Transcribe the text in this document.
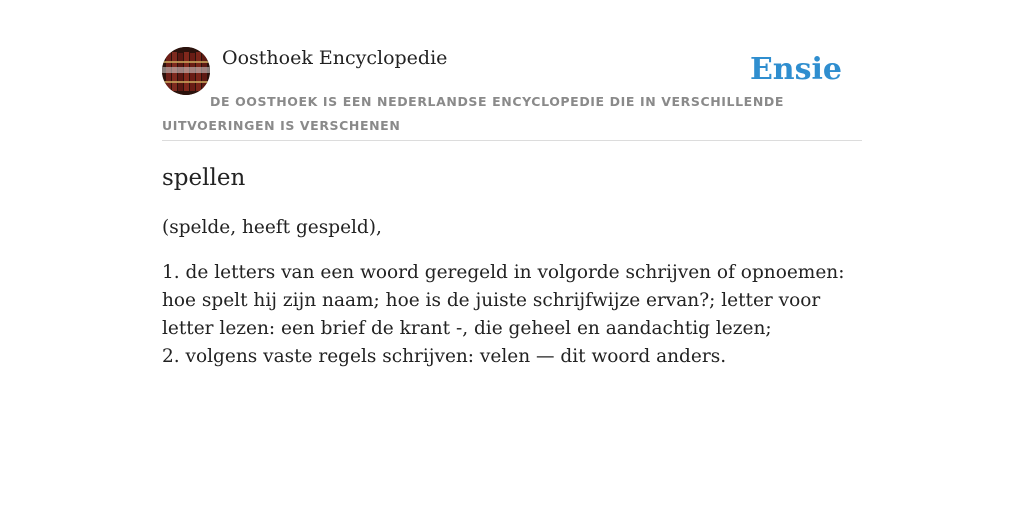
Oosthoek Encyclopedie	Ensie
DE OOSTHOEK IS EEN NEDERLANDSE ENCYCLOPEDIE DIE IN VERSCHILLENDE UITVOERINGEN IS VERSCHENEN
spellen

(spelde, heeft gespeld),

1. de letters van een woord geregeld in volgorde schrijven of opnoemen: hoe spelt hij zijn naam; hoe is de juiste schrijfwijze ervan?; letter voor letter lezen: een brief de krant -, die geheel en aandachtig lezen;
2. volgens vaste regels schrijven: velen — dit woord anders.
